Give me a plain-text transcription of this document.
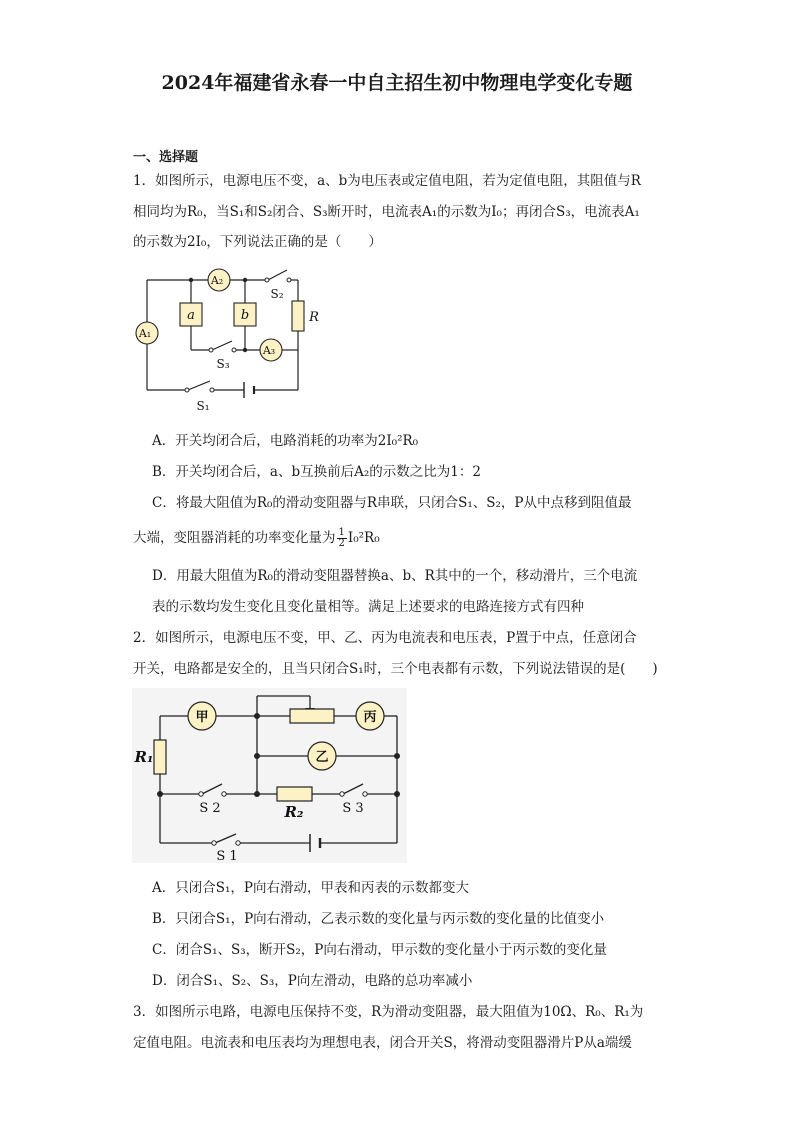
2024年福建省永春一中自主招生初中物理电学变化专题
一、选择题
1．如图所示，电源电压不变，a、b为电压表或定值电阻，若为定值电阻，其阻值与R
相同均为R₀，当S₁和S₂闭合、S₃断开时，电流表A₁的示数为I₀；再闭合S₃，电流表A₁
的示数为2I₀，下列说法正确的是（　　）
A₁
A₂
A₃
a	b	R
S₂
S₃
S₁
A．开关均闭合后，电路消耗的功率为2I₀²R₀
B．开关均闭合后，a、b互换前后A₂的示数之比为1：2
C．将最大阻值为R₀的滑动变阻器与R串联，只闭合S₁、S₂，P从中点移到阻值最
大端，变阻器消耗的功率变化量为 $\frac{1}{2} I_0^2R_0$
D．用最大阻值为R₀的滑动变阻器替换a、b、R其中的一个，移动滑片，三个电流
表的示数均发生变化且变化量相等。满足上述要求的电路连接方式有四种
2．如图所示，电源电压不变，甲、乙、丙为电流表和电压表，P置于中点，任意闭合
开关，电路都是安全的，且当只闭合S₁时，三个电表都有示数，下列说法错误的是(　　)
甲
乙
丙
R₁
R₂
S 2	S 3
S 1
A．只闭合S₁，P向右滑动，甲表和丙表的示数都变大
B．只闭合S₁，P向右滑动，乙表示数的变化量与丙示数的变化量的比值变小
C．闭合S₁、S₃，断开S₂，P向右滑动，甲示数的变化量小于丙示数的变化量
D．闭合S₁、S₂、S₃，P向左滑动，电路的总功率减小
3．如图所示电路，电源电压保持不变，R为滑动变阻器，最大阻值为10Ω、R₀、R₁为
定值电阻。电流表和电压表均为理想电表，闭合开关S，将滑动变阻器滑片P从a端缓
